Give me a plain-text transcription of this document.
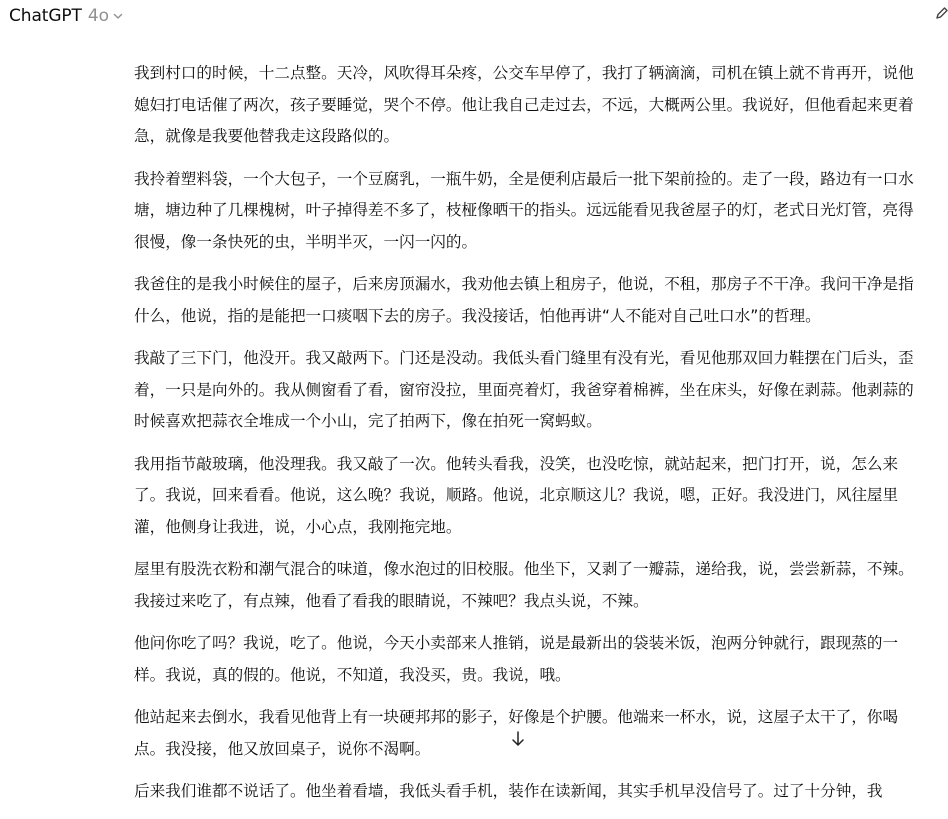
ChatGPT 4o

我到村口的时候，十二点整。天冷，风吹得耳朵疼，公交车早停了，我打了辆滴滴，司机在镇上就不肯再开，说他媳妇打电话催了两次，孩子要睡觉，哭个不停。他让我自己走过去，不远，大概两公里。我说好，但他看起来更着急，就像是我要他替我走这段路似的。

我拎着塑料袋，一个大包子，一个豆腐乳，一瓶牛奶，全是便利店最后一批下架前捡的。走了一段，路边有一口水塘，塘边种了几棵槐树，叶子掉得差不多了，枝桠像晒干的指头。远远能看见我爸屋子的灯，老式日光灯管，亮得很慢，像一条快死的虫，半明半灭，一闪一闪的。

我爸住的是我小时候住的屋子，后来房顶漏水，我劝他去镇上租房子，他说，不租，那房子不干净。我问干净是指什么，他说，指的是能把一口痰咽下去的房子。我没接话，怕他再讲“人不能对自己吐口水”的哲理。

我敲了三下门，他没开。我又敲两下。门还是没动。我低头看门缝里有没有光，看见他那双回力鞋摆在门后头，歪着，一只是向外的。我从侧窗看了看，窗帘没拉，里面亮着灯，我爸穿着棉裤，坐在床头，好像在剥蒜。他剥蒜的时候喜欢把蒜衣全堆成一个小山，完了拍两下，像在拍死一窝蚂蚁。

我用指节敲玻璃，他没理我。我又敲了一次。他转头看我，没笑，也没吃惊，就站起来，把门打开，说，怎么来了。我说，回来看看。他说，这么晚？我说，顺路。他说，北京顺这儿？我说，嗯，正好。我没进门，风往屋里灌，他侧身让我进，说，小心点，我刚拖完地。

屋里有股洗衣粉和潮气混合的味道，像水泡过的旧校服。他坐下，又剥了一瓣蒜，递给我，说，尝尝新蒜，不辣。我接过来吃了，有点辣，他看了看我的眼睛说，不辣吧？我点头说，不辣。

他问你吃了吗？我说，吃了。他说，今天小卖部来人推销，说是最新出的袋装米饭，泡两分钟就行，跟现蒸的一样。我说，真的假的。他说，不知道，我没买，贵。我说，哦。

他站起来去倒水，我看见他背上有一块硬邦邦的影子，好像是个护腰。他端来一杯水，说，这屋子太干了，你喝点。我没接，他又放回桌子，说你不渴啊。

后来我们谁都不说话了。他坐着看墙，我低头看手机，装作在读新闻，其实手机早没信号了。过了十分钟，我
